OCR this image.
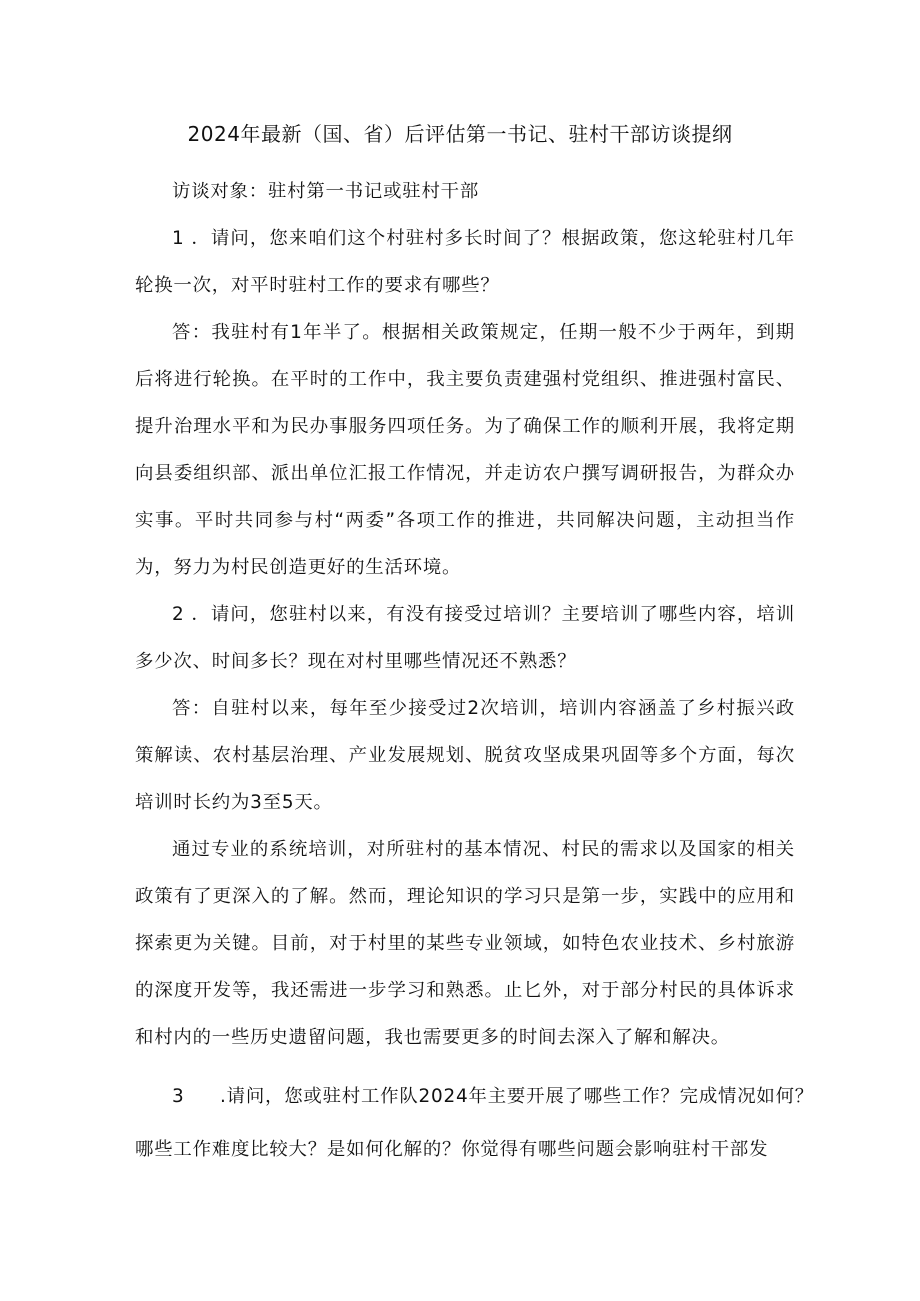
2024年最新（国、省）后评估第一书记、驻村干部访谈提纲

访谈对象：驻村第一书记或驻村干部

1 ．请问，您来咱们这个村驻村多长时间了？根据政策，您这轮驻村几年轮换一次，对平时驻村工作的要求有哪些？

答：我驻村有1年半了。根据相关政策规定，任期一般不少于两年，到期后将进行轮换。在平时的工作中，我主要负责建强村党组织、推进强村富民、提升治理水平和为民办事服务四项任务。为了确保工作的顺利开展，我将定期向县委组织部、派出单位汇报工作情况，并走访农户撰写调研报告，为群众办实事。平时共同参与村“两委”各项工作的推进，共同解决问题，主动担当作为，努力为村民创造更好的生活环境。

2 ．请问，您驻村以来，有没有接受过培训？主要培训了哪些内容，培训多少次、时间多长？现在对村里哪些情况还不熟悉？

答：自驻村以来，每年至少接受过2次培训，培训内容涵盖了乡村振兴政策解读、农村基层治理、产业发展规划、脱贫攻坚成果巩固等多个方面，每次培训时长约为3至5天。

通过专业的系统培训，对所驻村的基本情况、村民的需求以及国家的相关政策有了更深入的了解。然而，理论知识的学习只是第一步，实践中的应用和探索更为关键。目前，对于村里的某些专业领域，如特色农业技术、乡村旅游的深度开发等，我还需进一步学习和熟悉。止匕外，对于部分村民的具体诉求和村内的一些历史遗留问题，我也需要更多的时间去深入了解和解决。

3 .请问，您或驻村工作队2024年主要开展了哪些工作？完成情况如何？
哪些工作难度比较大？是如何化解的？你觉得有哪些问题会影响驻村干部发
